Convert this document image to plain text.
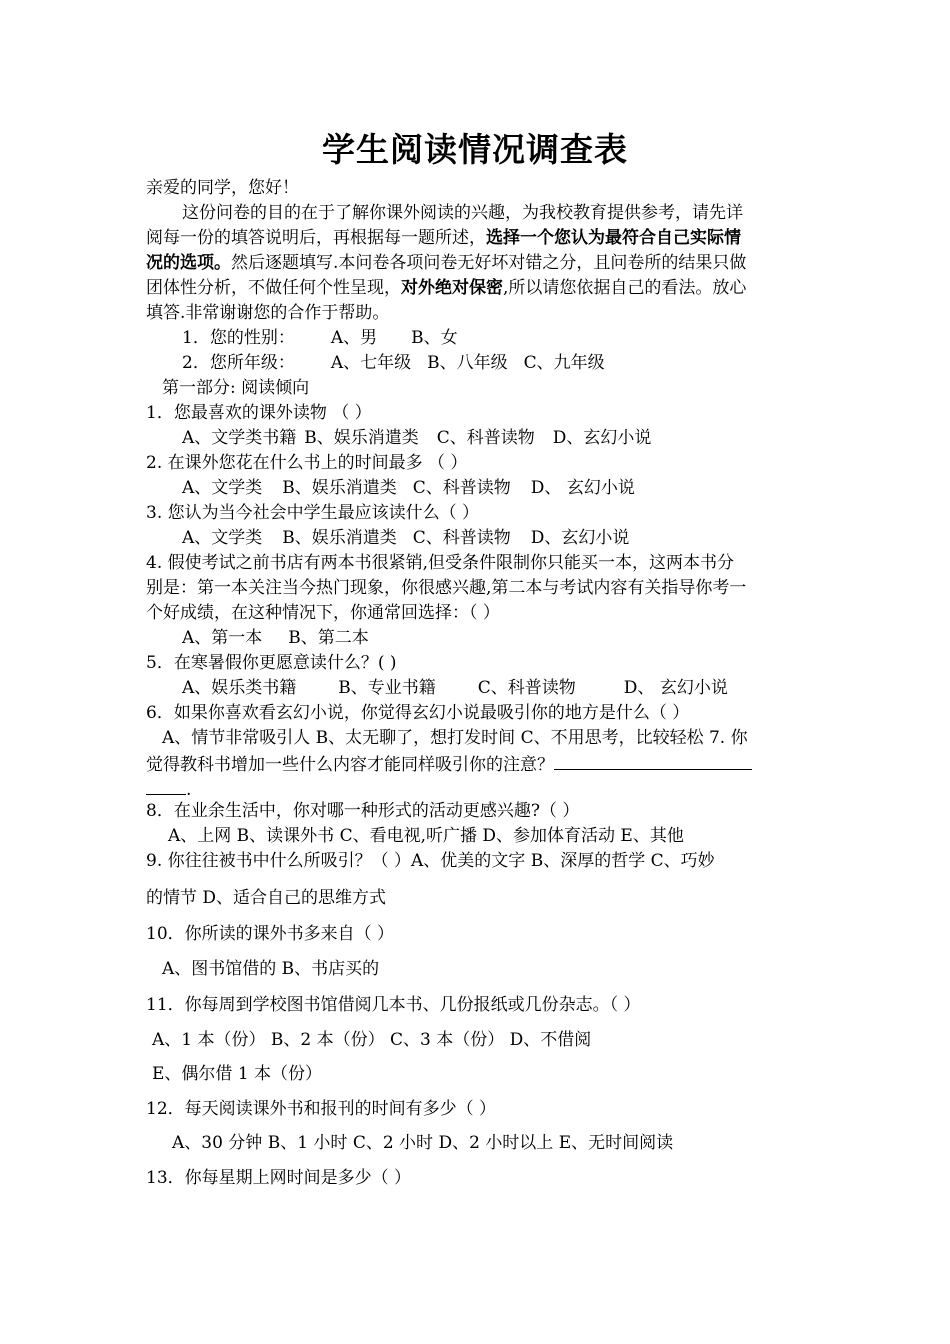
学生阅读情况调查表
亲爱的同学，您好！
这份问卷的目的在于了解你课外阅读的兴趣，为我校教育提供参考，请先详
阅每一份的填答说明后，再根据每一题所述，选择一个您认为最符合自己实际情
况的选项。然后逐题填写.本问卷各项问卷无好坏对错之分，且问卷所的结果只做
团体性分析，不做任何个性呈现，对外绝对保密,所以请您依据自己的看法。放心
填答.非常谢谢您的合作于帮助。
1．您的性别： A、男 B、女
2．您所年级： A、七年级 B、八年级 C、九年级
第一部分: 阅读倾向
1．您最喜欢的课外读物 （ ）
A、文学类书籍 B、娱乐消遣类 C、科普读物 D、玄幻小说
2. 在课外您花在什么书上的时间最多 （ ）
A、文学类 B、娱乐消遣类 C、科普读物 D、 玄幻小说
3. 您认为当今社会中学生最应该读什么（ ）
A、文学类 B、娱乐消遣类 C、科普读物 D、玄幻小说
4. 假使考试之前书店有两本书很紧销,但受条件限制你只能买一本，这两本书分
别是：第一本关注当今热门现象，你很感兴趣,第二本与考试内容有关指导你考一
个好成绩，在这种情况下，你通常回选择：（ ）
A、第一本 B、第二本
5．在寒暑假你更愿意读什么？( )
A、娱乐类书籍 B、专业书籍 C、科普读物	D、 玄幻小说
6．如果你喜欢看玄幻小说，你觉得玄幻小说最吸引你的地方是什么（ ）
A、情节非常吸引人 B、太无聊了，想打发时间 C、不用思考，比较轻松 7. 你
觉得教科书增加一些什么内容才能同样吸引你的注意？
.
8．在业余生活中，你对哪一种形式的活动更感兴趣?（ ）
A、上网 B、读课外书 C、看电视,听广播 D、参加体育活动 E、其他
9. 你往往被书中什么所吸引？（ ）A、优美的文字 B、深厚的哲学 C、巧妙
的情节 D、适合自己的思维方式
10．你所读的课外书多来自（ ）
A、图书馆借的 B、书店买的
11．你每周到学校图书馆借阅几本书、几份报纸或几份杂志。（ ）
A、1 本（份） B、2 本（份） C、3 本（份） D、不借阅
E、偶尔借 1 本（份）
12．每天阅读课外书和报刊的时间有多少（ ）
A、30 分钟 B、1 小时 C、2 小时 D、2 小时以上 E、无时间阅读
13．你每星期上网时间是多少（ ）
